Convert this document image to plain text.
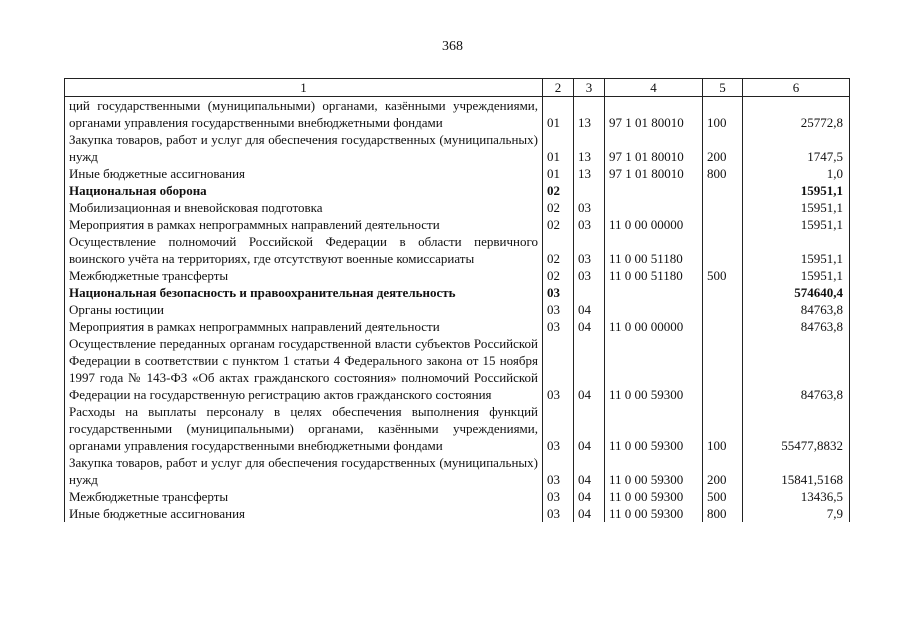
368
1	2	3	4	5	6
ций государственными (муниципальными) органами, казёнными учреждениями, органами управления государственными внебюджетными фондами	01	13	97 1 01 80010	100	25772,8
Закупка товаров, работ и услуг для обеспечения государственных (муниципальных) нужд	01	13	97 1 01 80010	200	1747,5
Иные бюджетные ассигнования	01	13	97 1 01 80010	800	1,0
Национальная оборона	02				15951,1
Мобилизационная и вневойсковая подготовка	02	03			15951,1
Мероприятия в рамках непрограммных направлений деятельности	02	03	11 0 00 00000		15951,1
Осуществление полномочий Российской Федерации в области первичного воинского учёта на территориях, где отсутствуют военные комиссариаты	02	03	11 0 00 51180		15951,1
Межбюджетные трансферты	02	03	11 0 00 51180	500	15951,1
Национальная безопасность и правоохранительная деятельность	03				574640,4
Органы юстиции	03	04			84763,8
Мероприятия в рамках непрограммных направлений деятельности	03	04	11 0 00 00000		84763,8
Осуществление переданных органам государственной власти субъектов Российской Федерации в соответствии с пунктом 1 статьи 4 Федерального закона от 15 ноября 1997 года № 143-ФЗ «Об актах гражданского состояния» полномочий Российской Федерации на государственную регистрацию актов гражданского состояния	03	04	11 0 00 59300		84763,8
Расходы на выплаты персоналу в целях обеспечения выполнения функций государственными (муниципальными) органами, казёнными учреждениями, органами управления государственными внебюджетными фондами	03	04	11 0 00 59300	100	55477,8832
Закупка товаров, работ и услуг для обеспечения государственных (муниципальных) нужд	03	04	11 0 00 59300	200	15841,5168
Межбюджетные трансферты	03	04	11 0 00 59300	500	13436,5
Иные бюджетные ассигнования	03	04	11 0 00 59300	800	7,9
